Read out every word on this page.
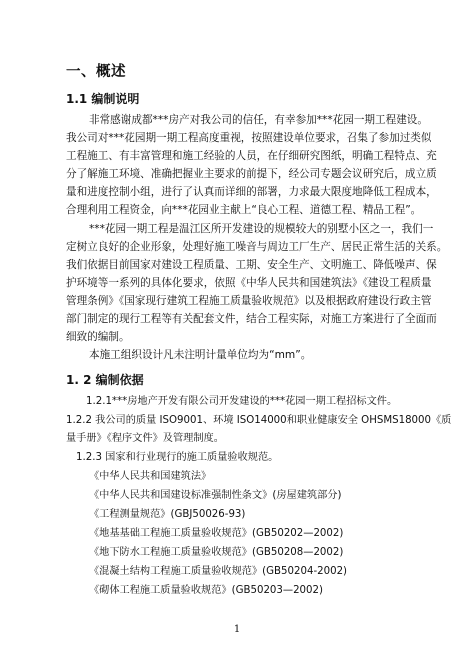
一、概述
1.1 编制说明
非常感谢成都***房产对我公司的信任，有幸参加***花园一期工程建设。
我公司对***花园期一期工程高度重视，按照建设单位要求，召集了参加过类似
工程施工、有丰富管理和施工经验的人员，在仔细研究图纸，明确工程特点、充
分了解施工环境、准确把握业主要求的前提下，经公司专题会议研究后，成立质
量和进度控制小组，进行了认真而详细的部署，力求最大限度地降低工程成本，
合理利用工程资金，向***花园业主献上“良心工程、道德工程、精品工程”。
***花园一期工程是温江区所开发建设的规模较大的别墅小区之一，我们一
定树立良好的企业形象，处理好施工噪音与周边工厂生产、居民正常生活的关系。
我们依据目前国家对建设工程质量、工期、安全生产、文明施工、降低噪声、保
护环境等一系列的具体化要求，依照《中华人民共和国建筑法》《建设工程质量
管理条例》《国家现行建筑工程施工质量验收规范》以及根据政府建设行政主管
部门制定的现行工程等有关配套文件，结合工程实际，对施工方案进行了全面而
细致的编制。
本施工组织设计凡未注明计量单位均为“mm”。
1. 2 编制依据
1.2.1***房地产开发有限公司开发建设的***花园一期工程招标文件。
1.2.2 我公司的质量 ISO9001、环境 ISO14000和职业健康安全 OHSMS18000《质
量手册》《程序文件》及管理制度。
1.2.3 国家和行业现行的施工质量验收规范。
《中华人民共和国建筑法》
《中华人民共和国建设标准强制性条文》(房屋建筑部分)
《工程测量规范》(GBJ50026-93)
《地基基础工程施工质量验收规范》(GB50202—2002)
《地下防水工程施工质量验收规范》(GB50208—2002)
《混凝土结构工程施工质量验收规范》(GB50204-2002)
《砌体工程施工质量验收规范》(GB50203—2002)
1
